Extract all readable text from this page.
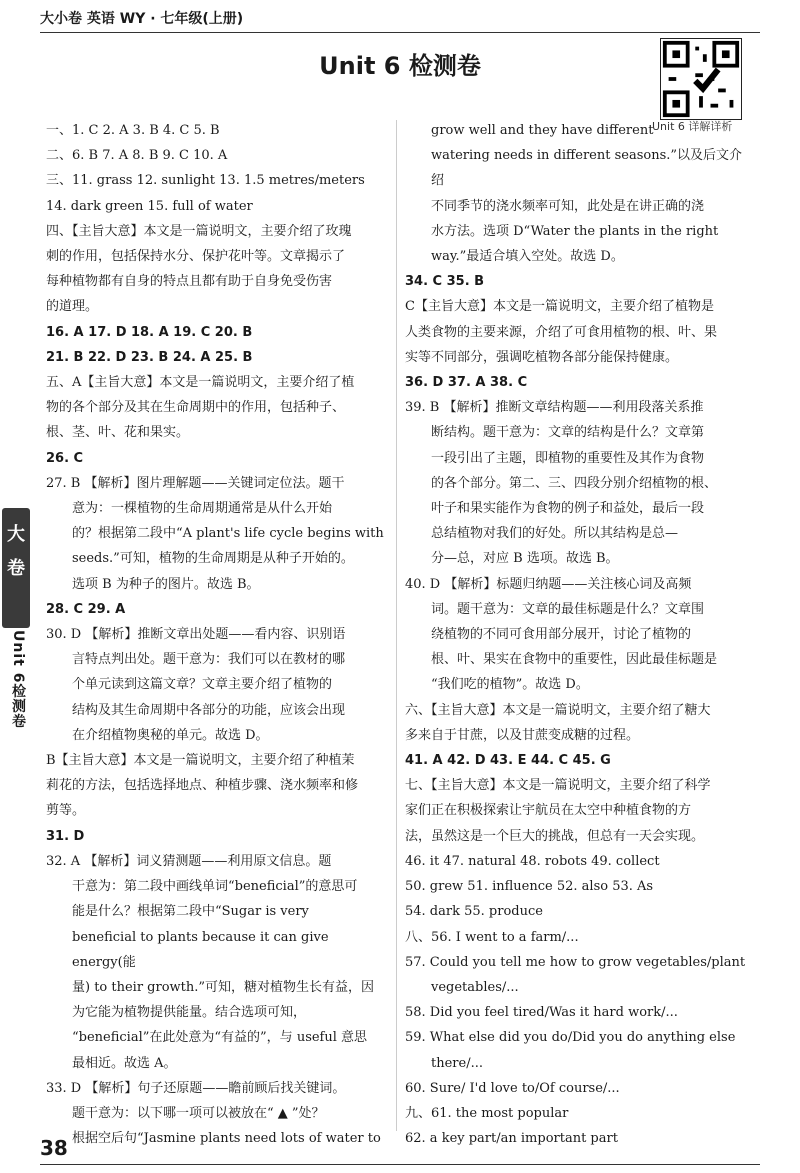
大小卷 英语 WY · 七年级(上册)
Unit 6 检测卷
Unit 6 详解详析

一、1. C 2. A 3. B 4. C 5. B

二、6. B 7. A 8. B 9. C 10. A

三、11. grass 12. sunlight 13. 1.5 metres/meters

14. dark green 15. full of water

四、【主旨大意】本文是一篇说明文，主要介绍了玫瑰

刺的作用，包括保持水分、保护花叶等。文章揭示了

每种植物都有自身的特点且都有助于自身免受伤害

的道理。

16. A 17. D 18. A 19. C 20. B

21. B 22. D 23. B 24. A 25. B

五、A【主旨大意】本文是一篇说明文，主要介绍了植

物的各个部分及其在生命周期中的作用，包括种子、

根、茎、叶、花和果实。

26. C

27. B 【解析】图片理解题——关键词定位法。题干

意为：一棵植物的生命周期通常是从什么开始

的？根据第二段中“A plant's life cycle begins with

seeds.”可知，植物的生命周期是从种子开始的。

选项 B 为种子的图片。故选 B。

28. C 29. A

30. D 【解析】推断文章出处题——看内容、识别语

言特点判出处。题干意为：我们可以在教材的哪

个单元读到这篇文章？文章主要介绍了植物的

结构及其生命周期中各部分的功能，应该会出现

在介绍植物奥秘的单元。故选 D。

B【主旨大意】本文是一篇说明文，主要介绍了种植茉

莉花的方法，包括选择地点、种植步骤、浇水频率和修

剪等。

31. D

32. A 【解析】词义猜测题——利用原文信息。题

干意为：第二段中画线单词“beneficial”的意思可

能是什么？根据第二段中“Sugar is very

beneficial to plants because it can give energy(能

量) to their growth.”可知，糖对植物生长有益，因

为它能为植物提供能量。结合选项可知，

“beneficial”在此处意为“有益的”，与 useful 意思

最相近。故选 A。

33. D 【解析】句子还原题——瞻前顾后找关键词。

题干意为：以下哪一项可以被放在“ ▲ ”处？

根据空后句“Jasmine plants need lots of water to

grow well and they have different

watering needs in different seasons.”以及后文介绍

不同季节的浇水频率可知，此处是在讲正确的浇

水方法。选项 D“Water the plants in the right

way.”最适合填入空处。故选 D。

34. C 35. B

C【主旨大意】本文是一篇说明文，主要介绍了植物是

人类食物的主要来源，介绍了可食用植物的根、叶、果

实等不同部分，强调吃植物各部分能保持健康。

36. D 37. A 38. C

39. B 【解析】推断文章结构题——利用段落关系推

断结构。题干意为：文章的结构是什么？文章第

一段引出了主题，即植物的重要性及其作为食物

的各个部分。第二、三、四段分别介绍植物的根、

叶子和果实能作为食物的例子和益处，最后一段

总结植物对我们的好处。所以其结构是总—

分—总，对应 B 选项。故选 B。

40. D 【解析】标题归纳题——关注核心词及高频

词。题干意为：文章的最佳标题是什么？文章围

绕植物的不同可食用部分展开，讨论了植物的

根、叶、果实在食物中的重要性，因此最佳标题是

“我们吃的植物”。故选 D。

六、【主旨大意】本文是一篇说明文，主要介绍了糖大

多来自于甘蔗，以及甘蔗变成糖的过程。

41. A 42. D 43. E 44. C 45. G

七、【主旨大意】本文是一篇说明文，主要介绍了科学

家们正在积极探索让宇航员在太空中种植食物的方

法，虽然这是一个巨大的挑战，但总有一天会实现。

46. it 47. natural 48. robots 49. collect

50. grew 51. influence 52. also 53. As

54. dark 55. produce

八、56. I went to a farm/...

57. Could you tell me how to grow vegetables/plant

vegetables/...

58. Did you feel tired/Was it hard work/...

59. What else did you do/Did you do anything else

there/...

60. Sure/ I'd love to/Of course/...

九、61. the most popular

62. a key part/an important part

大卷
Unit 6检测卷
38
